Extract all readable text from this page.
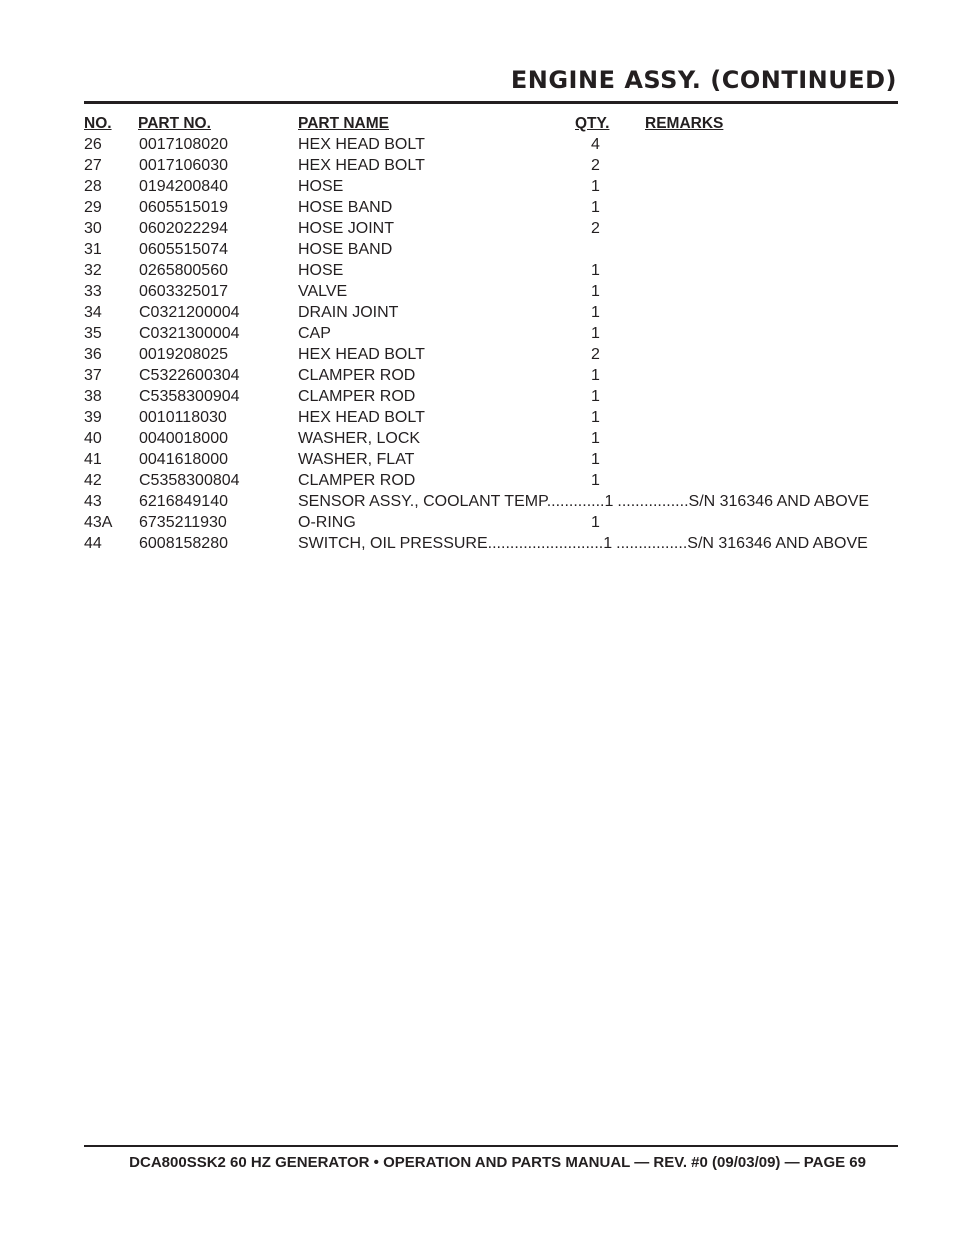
ENGINE ASSY. (CONTINUED)
NO. PART NO.	PART NAME	QTY. REMARKS
26 0017108020	HEX HEAD BOLT	4
27 0017106030	HEX HEAD BOLT	2
28 0194200840	HOSE	1
29 0605515019	HOSE BAND	1
30 0602022294	HOSE JOINT	2
31 0605515074	HOSE BAND
32 0265800560	HOSE	1
33 0603325017	VALVE	1
34 C0321200004	DRAIN JOINT	1
35 C0321300004	CAP	1
36 0019208025	HEX HEAD BOLT	2
37 C5322600304	CLAMPER ROD	1
38 C5358300904	CLAMPER ROD	1
39 0010118030	HEX HEAD BOLT	1
40 0040018000	WASHER, LOCK	1
41 0041618000	WASHER, FLAT	1
42 C5358300804	CLAMPER ROD	1
43 6216849140	SENSOR ASSY., COOLANT TEMP.............1 ................S/N 316346 AND ABOVE
43A 6735211930	O-RING	1
44 6008158280	SWITCH, OIL PRESSURE..........................1 ................S/N 316346 AND ABOVE
DCA800SSK2 60 HZ GENERATOR • OPERATION AND PARTS MANUAL — REV. #0 (09/03/09) — PAGE 69
